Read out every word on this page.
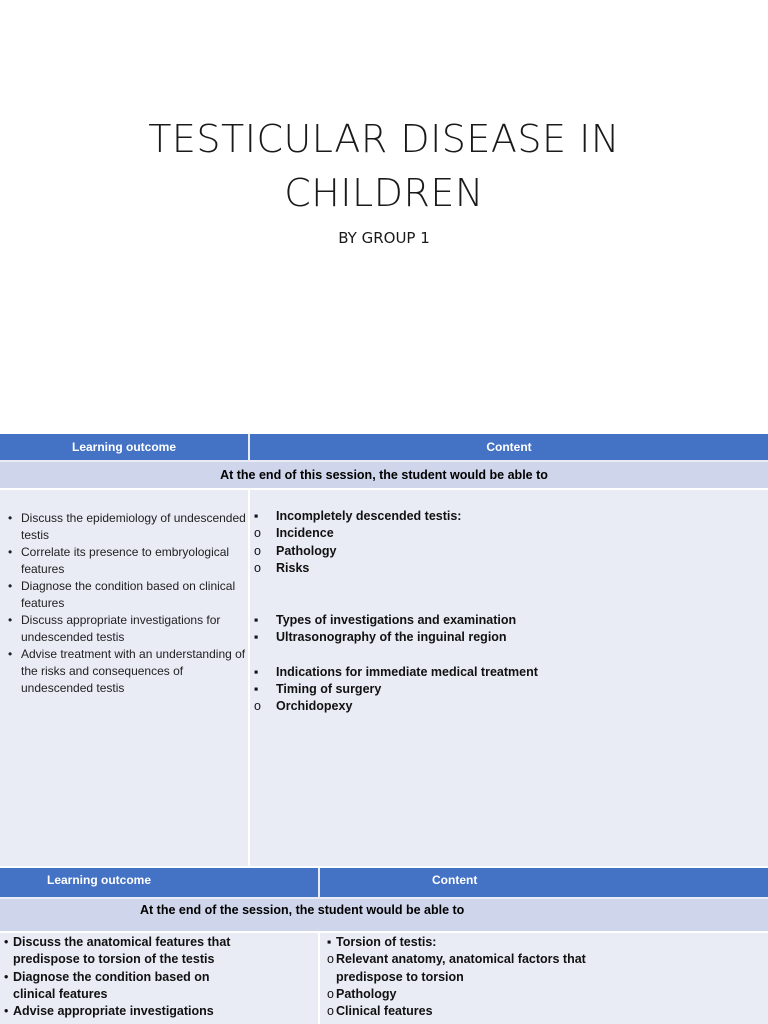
TESTICULAR DISEASE IN
CHILDREN
BY GROUP 1
Learning outcome	Content
At the end of this session, the student would be able to
• Discuss the epidemiology of undescended testis
• Correlate its presence to embryological features
• Diagnose the condition based on clinical features
• Discuss appropriate investigations for undescended testis
• Advise treatment with an understanding of the risks and consequences of undescended testis
▪ Incompletely descended testis:
o Incidence
o Pathology
o Risks
▪ Types of investigations and examination
▪ Ultrasonography of the inguinal region
▪ Indications for immediate medical treatment
▪ Timing of surgery
o Orchidopexy
Learning outcome	Content
At the end of the session, the student would be able to
• Discuss the anatomical features that predispose to torsion of the testis
• Diagnose the condition based on clinical features
• Advise appropriate investigations
▪ Torsion of testis:
o Relevant anatomy, anatomical factors that predispose to torsion
o Pathology
o Clinical features
